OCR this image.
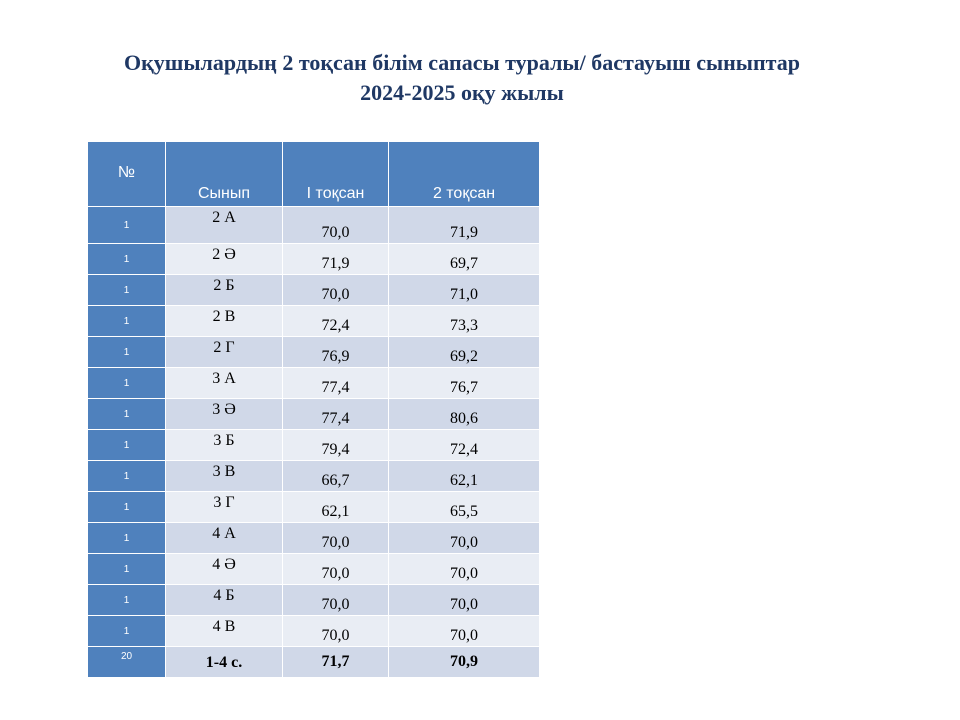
Оқушылардың 2 тоқсан білім сапасы туралы/ бастауыш сыныптар
2024-2025 оқу жылы
№	Сынып	I тоқсан	2 тоқсан

1	2 А	70,0	71,9
1	2 Ә	71,9	69,7
1	2 Б	70,0	71,0
1	2 В	72,4	73,3
1	2 Г	76,9	69,2
1	3 А	77,4	76,7
1	3 Ә	77,4	80,6
1	3 Б	79,4	72,4
1	3 В	66,7	62,1
1	3 Г	62,1	65,5
1	4 А	70,0	70,0
1	4 Ә	70,0	70,0
1	4 Б	70,0	70,0
1	4 В	70,0	70,0
20	1-4 с.	71,7	70,9
